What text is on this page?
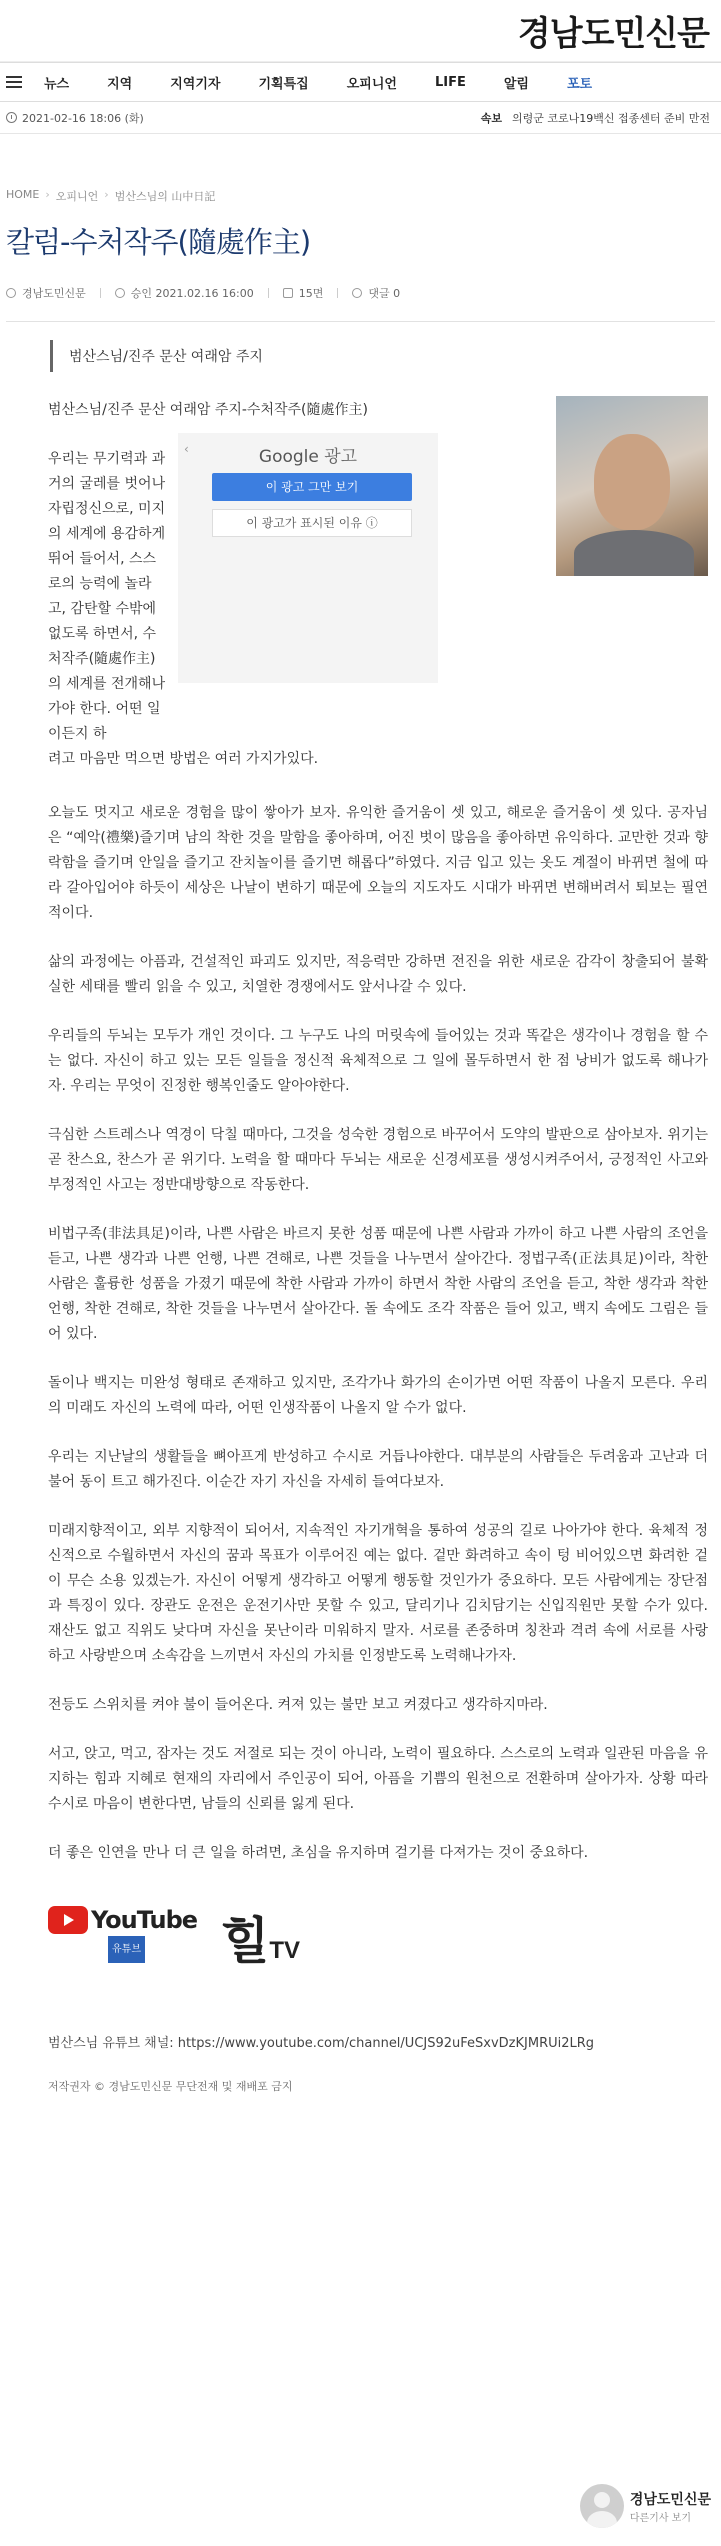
경남도민신문
뉴스	지역	지역기자	기획특집	오피니언	LIFE	알림	포토
2021-02-16 18:06 (화)	속보 의령군 코로나19백신 접종센터 준비 만전
HOME › 오피니언 › 범산스님의 山中日記
칼럼-수처작주(隨處作主)
경남도민신문	승인 2021.02.16 16:00	15면	댓글 0
범산스님/진주 문산 여래암 주지

범산스님/진주 문산 여래암 주지-수처작주(隨處作主)

우리는 무기력과 과거의 굴레를 벗어나 자립정신으로, 미지의 세계에 용감하게 뛰어 들어서, 스스로의 능력에 놀라고, 감탄할 수밖에 없도록 하면서, 수처작주(隨處作主)의 세계를 전개해나가야 한다. 어떤 일이든지 하

‹	Google 광고
이 광고 그만 보기
이 광고가 표시된 이유 ⓘ

려고 마음만 먹으면 방법은 여러 가지가있다.

오늘도 멋지고 새로운 경험을 많이 쌓아가 보자. 유익한 즐거움이 셋 있고, 해로운 즐거움이 셋 있다. 공자님은 “예악(禮樂)즐기며 남의 착한 것을 말함을 좋아하며, 어진 벗이 많음을 좋아하면 유익하다. 교만한 것과 향락함을 즐기며 안일을 즐기고 잔치놀이를 즐기면 해롭다”하였다. 지금 입고 있는 옷도 계절이 바뀌면 철에 따라 갈아입어야 하듯이 세상은 나날이 변하기 때문에 오늘의 지도자도 시대가 바뀌면 변해버려서 퇴보는 필연적이다.

삶의 과정에는 아픔과, 건설적인 파괴도 있지만, 적응력만 강하면 전진을 위한 새로운 감각이 창출되어 불확실한 세태를 빨리 읽을 수 있고, 치열한 경쟁에서도 앞서나갈 수 있다.

우리들의 두뇌는 모두가 개인 것이다. 그 누구도 나의 머릿속에 들어있는 것과 똑같은 생각이나 경험을 할 수는 없다. 자신이 하고 있는 모든 일들을 정신적 육체적으로 그 일에 몰두하면서 한 점 낭비가 없도록 해나가자. 우리는 무엇이 진정한 행복인줄도 알아야한다.

극심한 스트레스나 역경이 닥칠 때마다, 그것을 성숙한 경험으로 바꾸어서 도약의 발판으로 삼아보자. 위기는 곧 찬스요, 찬스가 곧 위기다. 노력을 할 때마다 두뇌는 새로운 신경세포를 생성시켜주어서, 긍정적인 사고와 부정적인 사고는 정반대방향으로 작동한다.

비법구족(非法具足)이라, 나쁜 사람은 바르지 못한 성품 때문에 나쁜 사람과 가까이 하고 나쁜 사람의 조언을 듣고, 나쁜 생각과 나쁜 언행, 나쁜 견해로, 나쁜 것들을 나누면서 살아간다. 정법구족(正法具足)이라, 착한 사람은 훌륭한 성품을 가졌기 때문에 착한 사람과 가까이 하면서 착한 사람의 조언을 듣고, 착한 생각과 착한 언행, 착한 견해로, 착한 것들을 나누면서 살아간다. 돌 속에도 조각 작품은 들어 있고, 백지 속에도 그림은 들어 있다.

돌이나 백지는 미완성 형태로 존재하고 있지만, 조각가나 화가의 손이가면 어떤 작품이 나올지 모른다. 우리의 미래도 자신의 노력에 따라, 어떤 인생작품이 나올지 알 수가 없다.

우리는 지난날의 생활들을 뼈아프게 반성하고 수시로 거듭나야한다. 대부분의 사람들은 두려움과 고난과 더불어 동이 트고 해가진다. 이순간 자기 자신을 자세히 들여다보자.

미래지향적이고, 외부 지향적이 되어서, 지속적인 자기개혁을 통하여 성공의 길로 나아가야 한다. 육체적 정신적으로 수월하면서 자신의 꿈과 목표가 이루어진 예는 없다. 겉만 화려하고 속이 텅 비어있으면 화려한 겉이 무슨 소용 있겠는가. 자신이 어떻게 생각하고 어떻게 행동할 것인가가 중요하다. 모든 사람에게는 장단점과 특징이 있다. 장관도 운전은 운전기사만 못할 수 있고, 달리기나 김치담기는 신입직원만 못할 수가 있다. 재산도 없고 직위도 낮다며 자신을 못난이라 미워하지 말자. 서로를 존중하며 칭찬과 격려 속에 서로를 사랑하고 사랑받으며 소속감을 느끼면서 자신의 가치를 인정받도록 노력해나가자.

전등도 스위치를 켜야 불이 들어온다. 켜져 있는 불만 보고 켜졌다고 생각하지마라.

서고, 앉고, 먹고, 잠자는 것도 저절로 되는 것이 아니라, 노력이 필요하다. 스스로의 노력과 일관된 마음을 유지하는 힘과 지혜로 현재의 자리에서 주인공이 되어, 아픔을 기쁨의 원천으로 전환하며 살아가자. 상황 따라 수시로 마음이 변한다면, 남들의 신뢰를 잃게 된다.

더 좋은 인연을 만나 더 큰 일을 하려면, 초심을 유지하며 걸기를 다져가는 것이 중요하다.

YouTube
유튜브	힐TV

범산스님 유튜브 채널: https://www.youtube.com/channel/UCJS92uFeSxvDzKJMRUi2LRg

저작권자 © 경남도민신문 무단전재 및 재배포 금지

경남도민신문
다른기사 보기
